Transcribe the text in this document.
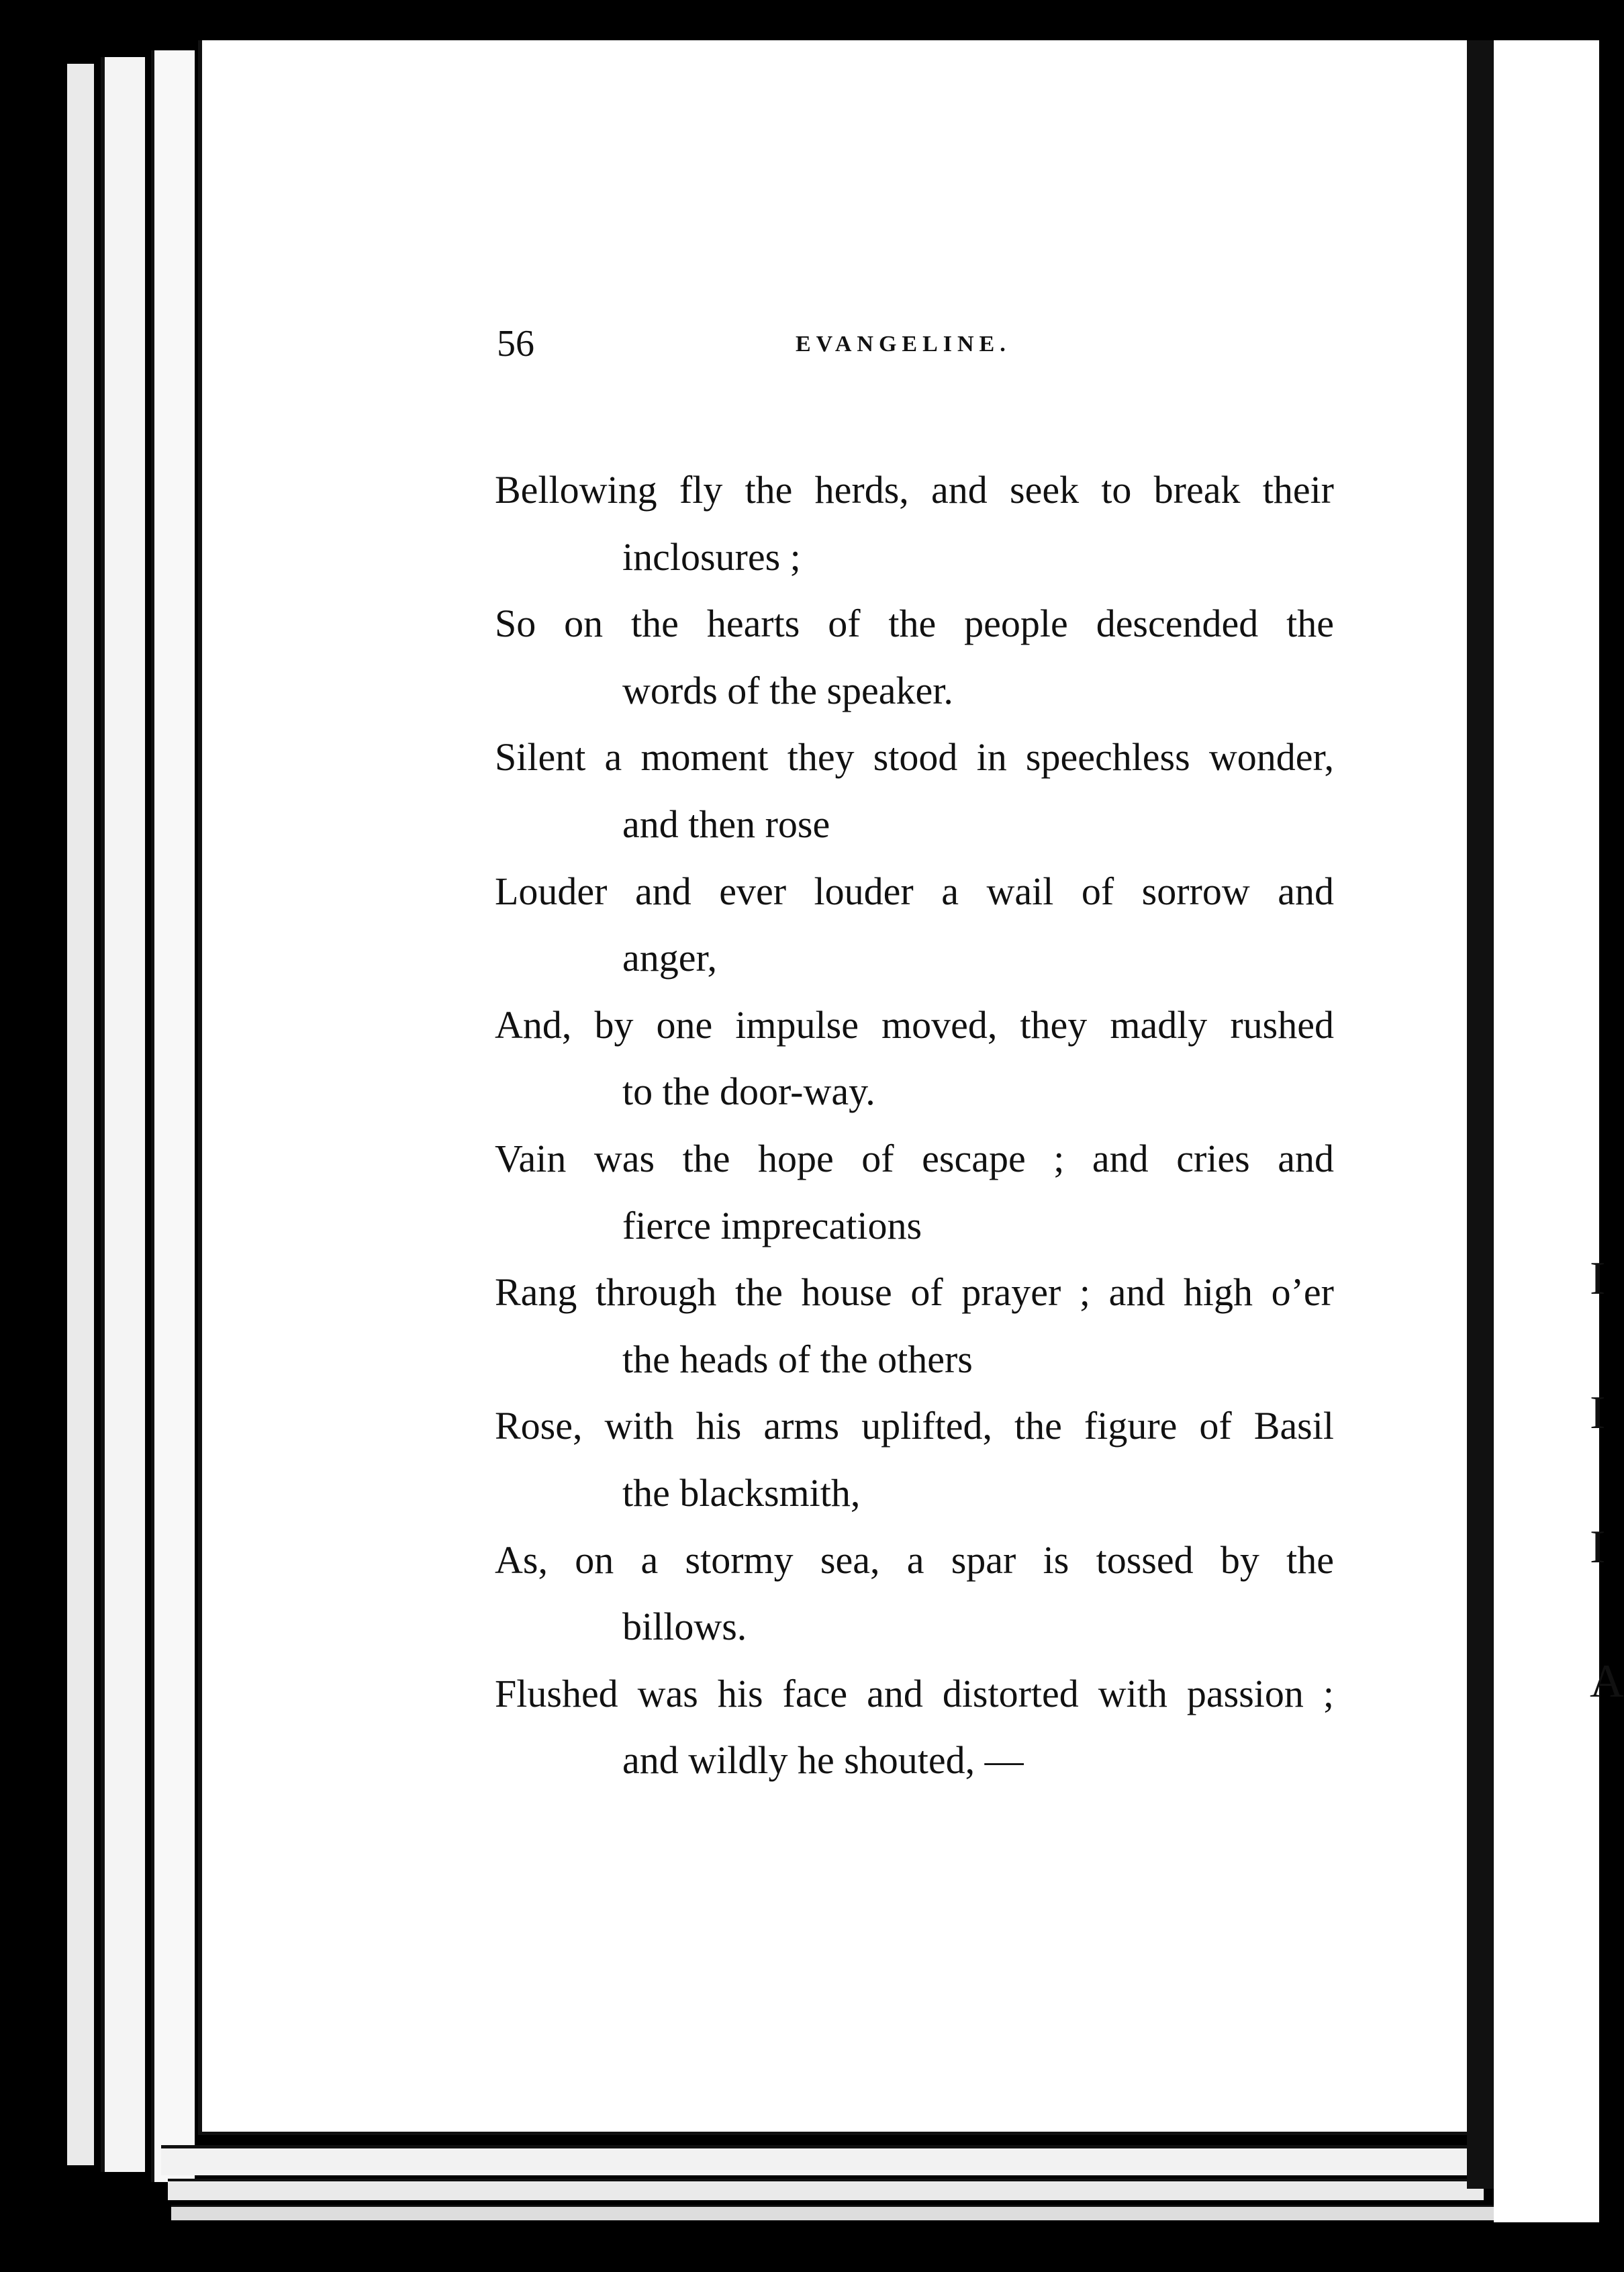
I
I
I
A
56	EVANGELINE.
Bellowing fly the herds, and seek to break their
inclosures ;
So on the hearts of the people descended the
words of the speaker.
Silent a moment they stood in speechless wonder,
and then rose
Louder and ever louder a wail of sorrow and
anger,
And, by one impulse moved, they madly rushed
to the door-way.
Vain was the hope of escape ; and cries and
fierce imprecations
Rang through the house of prayer ; and high o’er
the heads of the others
Rose, with his arms uplifted, the figure of Basil
the blacksmith,
As, on a stormy sea, a spar is tossed by the
billows.
Flushed was his face and distorted with passion ;
and wildly he shouted, —
